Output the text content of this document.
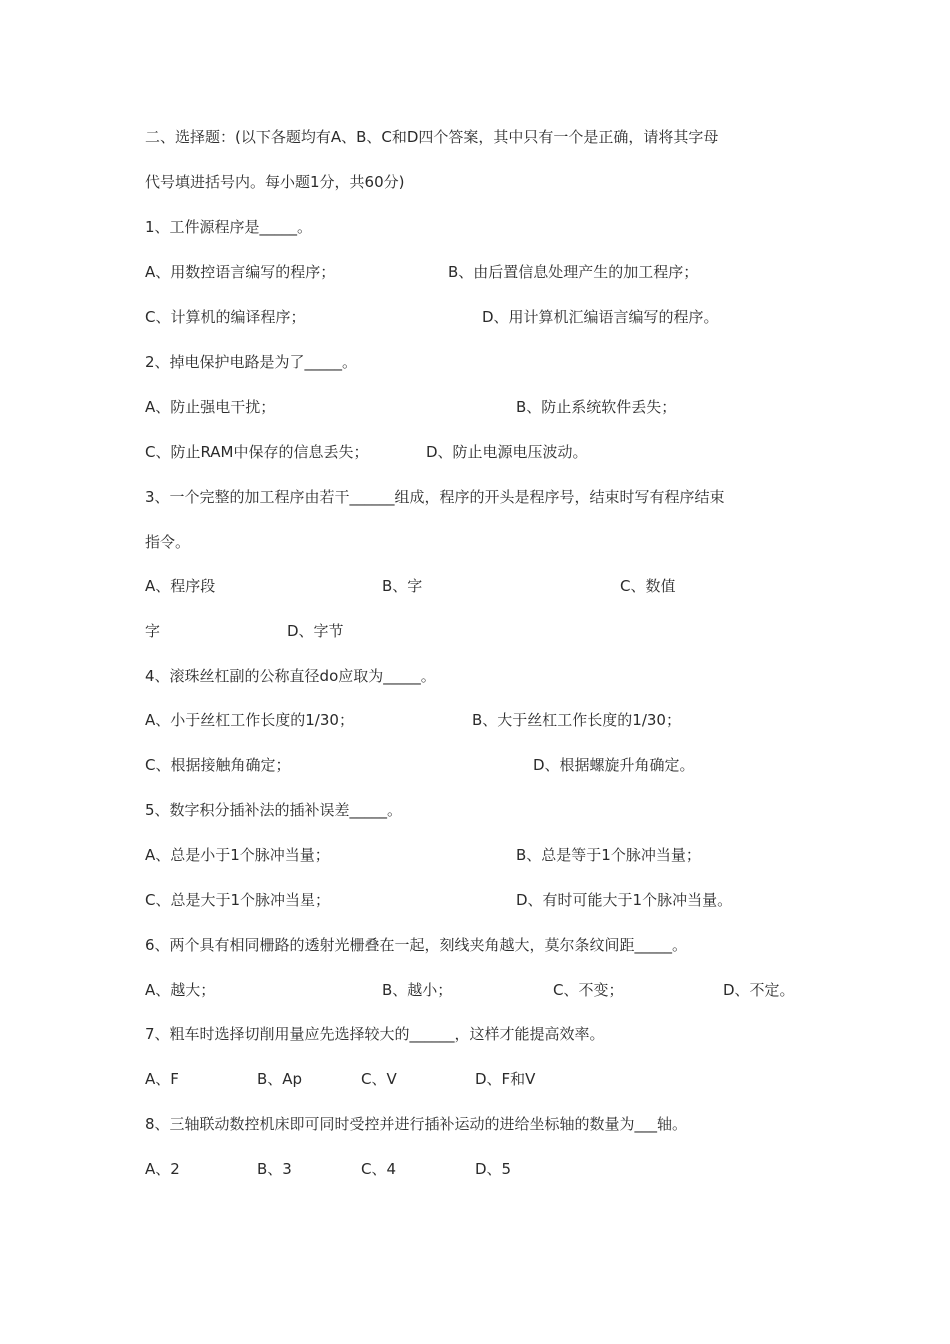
二、选择题：(以下各题均有A、B、C和D四个答案，其中只有一个是正确，请将其字母
代号填进括号内。每小题1分，共60分)
1、工件源程序是_____。
A、用数控语言编写的程序；	B、由后置信息处理产生的加工程序；
C、计算机的编译程序；	D、用计算机汇编语言编写的程序。
2、掉电保护电路是为了_____。
A、防止强电干扰；	B、防止系统软件丢失；
C、防止RAM中保存的信息丢失；	D、防止电源电压波动。
3、一个完整的加工程序由若干______组成，程序的开头是程序号，结束时写有程序结束
指令。
A、程序段	B、字	C、数值
字	D、字节
4、滚珠丝杠副的公称直径do应取为_____。
A、小于丝杠工作长度的1/30；	B、大于丝杠工作长度的1/30；
C、根据接触角确定；	D、根据螺旋升角确定。
5、数字积分插补法的插补误差_____。
A、总是小于1个脉冲当量；	B、总是等于1个脉冲当量；
C、总是大于1个脉冲当星；	D、有时可能大于1个脉冲当量。
6、两个具有相同栅路的透射光栅叠在一起，刻线夹角越大，莫尔条纹间距_____。
A、越大；	B、越小；	C、不变；	D、不定。
7、粗车时选择切削用量应先选择较大的______，这样才能提高效率。
A、F	B、Ap	C、V	D、F和V
8、三轴联动数控机床即可同时受控并进行插补运动的进给坐标轴的数量为___轴。
A、2	B、3	C、4	D、5
